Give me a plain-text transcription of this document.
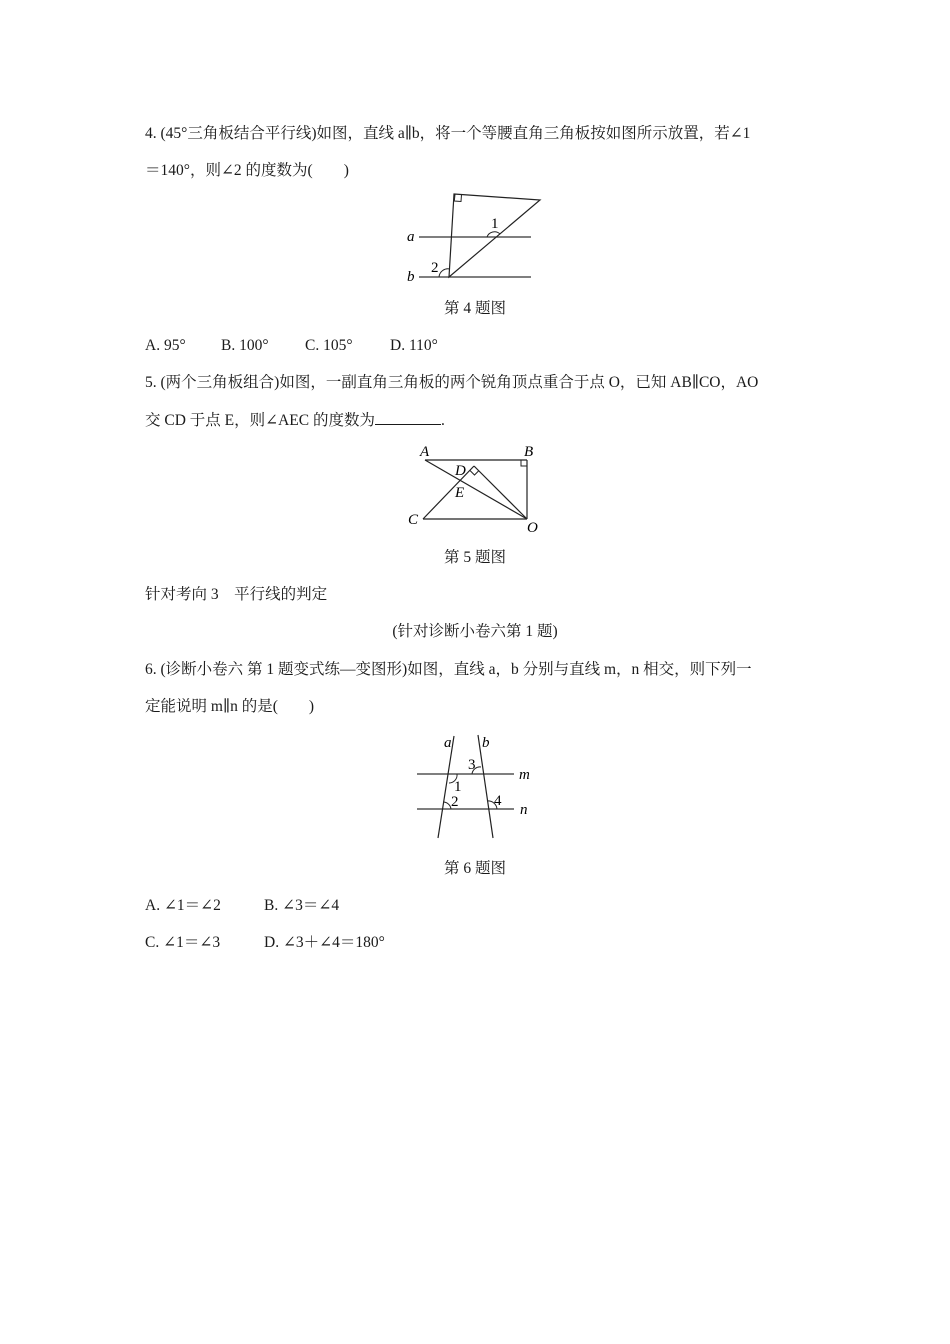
4. (45°三角板结合平行线)如图，直线 a∥b，将一个等腰直角三角板按如图所示放置，若∠1
＝140°，则∠2 的度数为(　　)
a
b
1
2
第 4 题图
A. 95° B. 100° C. 105° D. 110°
5. (两个三角板组合)如图，一副直角三角板的两个锐角顶点重合于点 O，已知 AB∥CO，AO
交 CD 于点 E，则∠AEC 的度数为	.
A	B
C
D
E
O
第 5 题图
针对考向 3　平行线的判定
(针对诊断小卷六第 1 题)
6. (诊断小卷六 第 1 题变式练—变图形)如图，直线 a，b 分别与直线 m，n 相交，则下列一
定能说明 m∥n 的是(　　)
a b
m
n
1
2
3
4
第 6 题图
A. ∠1＝∠2	B. ∠3＝∠4
C. ∠1＝∠3	D. ∠3＋∠4＝180°
